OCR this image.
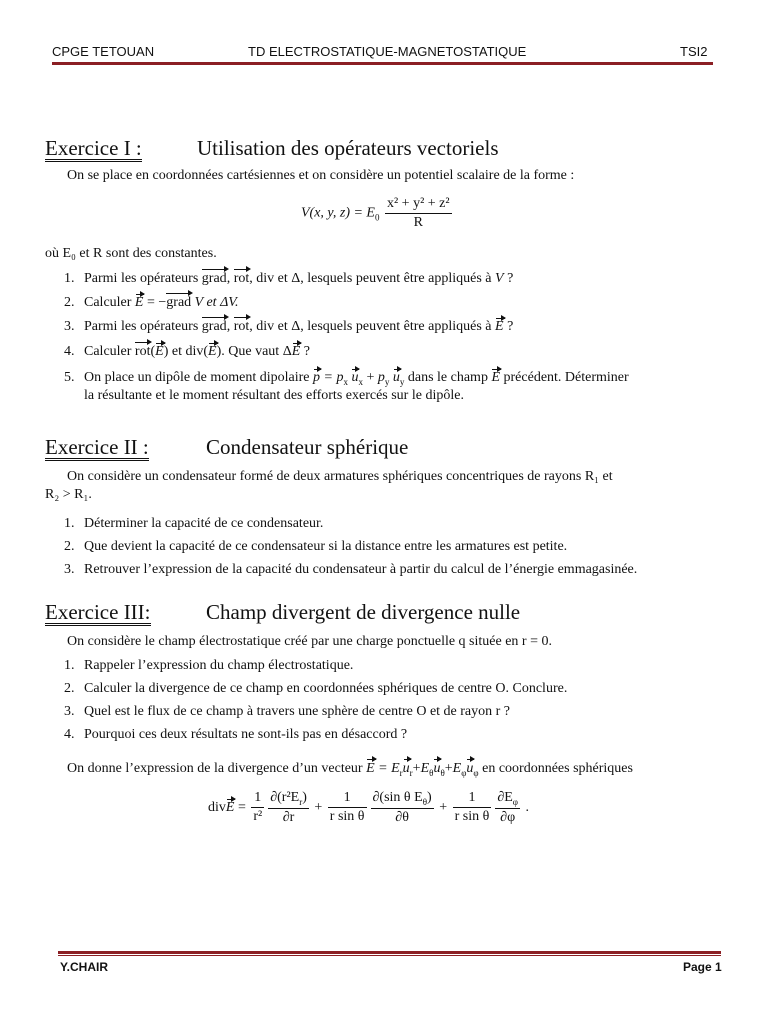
CPGE TETOUAN	TD ELECTROSTATIQUE-MAGNETOSTATIQUE	TSI2
Exercice I :	Utilisation des opérateurs vectoriels
On se place en coordonnées cartésiennes et on considère un potentiel scalaire de la forme :
V(x, y, $z) = E_0 \frac{\text{x² + y² + z²}}{R}$
où E₀ et R sont des constantes.
1. Parmi les opérateurs grad, rot, div et Δ, lesquels peuvent être appliqués à V ?
2. Calculer E = −grad V et ΔV.
3. Parmi les opérateurs grad, rot, div et Δ, lesquels peuvent être appliqués à E ?
4. Calculer rot(E) et div(E). Que vaut ΔE ?
5. On place un dipôle de moment dipolaire $p = p_x$ $u_x + p_y$ $u_y$ dans le champ E précédent. Déterminer
la résultante et le moment résultant des efforts exercés sur le dipôle.
Exercice II :	Condensateur sphérique
On considère un condensateur formé de deux armatures sphériques concentriques de rayons R₁ et
R₂ > R₁.
1. Déterminer la capacité de ce condensateur.
2. Que devient la capacité de ce condensateur si la distance entre les armatures est petite.
3. Retrouver l’expression de la capacité du condensateur à partir du calcul de l’énergie emmagasinée.
Exercice III:	Champ divergent de divergence nulle
On considère le champ électrostatique créé par une charge ponctuelle q située en r = 0.
1. Rappeler l’expression du champ électrostatique.
2. Calculer la divergence de ce champ en coordonnées sphériques de centre O. Conclure.
3. Quel est le flux de ce champ à travers une sphère de centre O et de rayon r ?
4. Pourquoi ces deux résultats ne sont-ils pas en désaccord ?
On donne l’expression de la divergence d’un vecteur $E = E_ru_r+E_\theta u_\theta+E_\varphi u_\varphi$ en coordonnées sphériques
divE = $\frac{1}{\text{r²}} \frac{\partial(r^2E_r)}{\partial r} + \frac{1}{\text{r sin θ}} \frac{\partial(\sin \theta E_\theta)}{\partial\theta} + \frac{1}{\text{r sin θ}} \frac{\partial E_\varphi}{\partial\varphi}$ .
Y.CHAIR	Page 1
